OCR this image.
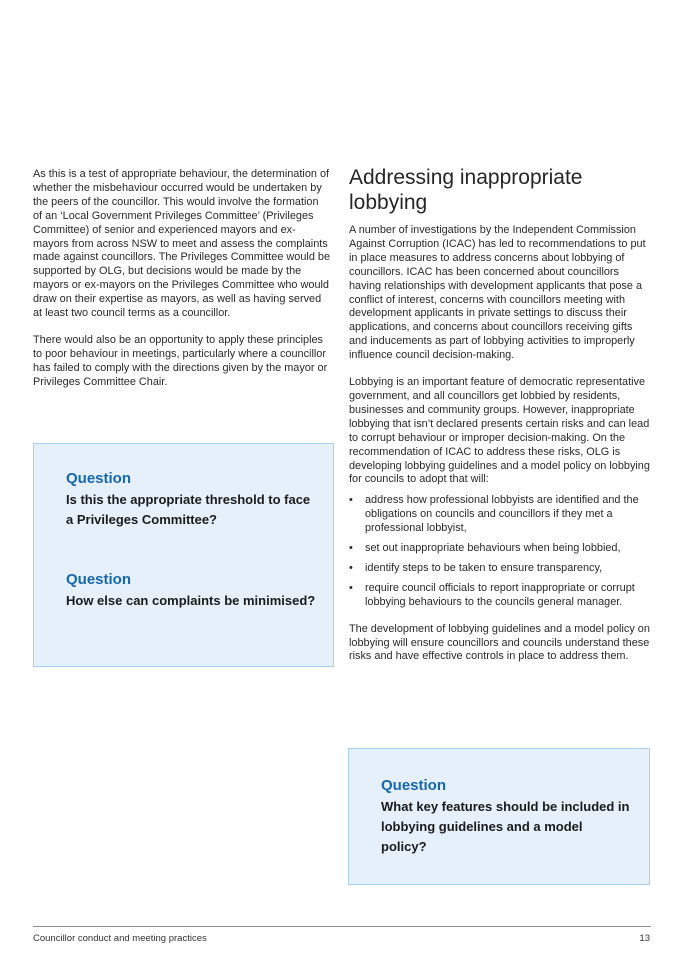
As this is a test of appropriate behaviour, the determination of whether the misbehaviour occurred would be undertaken by the peers of the councillor. This would involve the formation of an ‘Local Government Privileges Committee’ (Privileges Committee) of senior and experienced mayors and ex-mayors from across NSW to meet and assess the complaints made against councillors. The Privileges Committee would be supported by OLG, but decisions would be made by the mayors or ex-mayors on the Privileges Committee who would draw on their expertise as mayors, as well as having served at least two council terms as a councillor.

There would also be an opportunity to apply these principles to poor behaviour in meetings, particularly where a councillor has failed to comply with the directions given by the mayor or Privileges Committee Chair.

Question

Is this the appropriate threshold to face a Privileges Committee?

Question

How else can complaints be minimised?

Addressing inappropriate lobbying

A number of investigations by the Independent Commission Against Corruption (ICAC) has led to recommendations to put in place measures to address concerns about lobbying of councillors. ICAC has been concerned about councillors having relationships with development applicants that pose a conflict of interest, concerns with councillors meeting with development applicants in private settings to discuss their applications, and concerns about councillors receiving gifts and inducements as part of lobbying activities to improperly influence council decision-making.

Lobbying is an important feature of democratic representative government, and all councillors get lobbied by residents, businesses and community groups. However, inappropriate lobbying that isn’t declared presents certain risks and can lead to corrupt behaviour or improper decision-making. On the recommendation of ICAC to address these risks, OLG is developing lobbying guidelines and a model policy on lobbying for councils to adopt that will:

• address how professional lobbyists are identified and the obligations on councils and councillors if they met a professional lobbyist,
• set out inappropriate behaviours when being lobbied,
• identify steps to be taken to ensure transparency,
• require council officials to report inappropriate or corrupt lobbying behaviours to the councils general manager.

The development of lobbying guidelines and a model policy on lobbying will ensure councillors and councils understand these risks and have effective controls in place to address them.

Question

What key features should be included in lobbying guidelines and a model policy?

Councillor conduct and meeting practices	13
